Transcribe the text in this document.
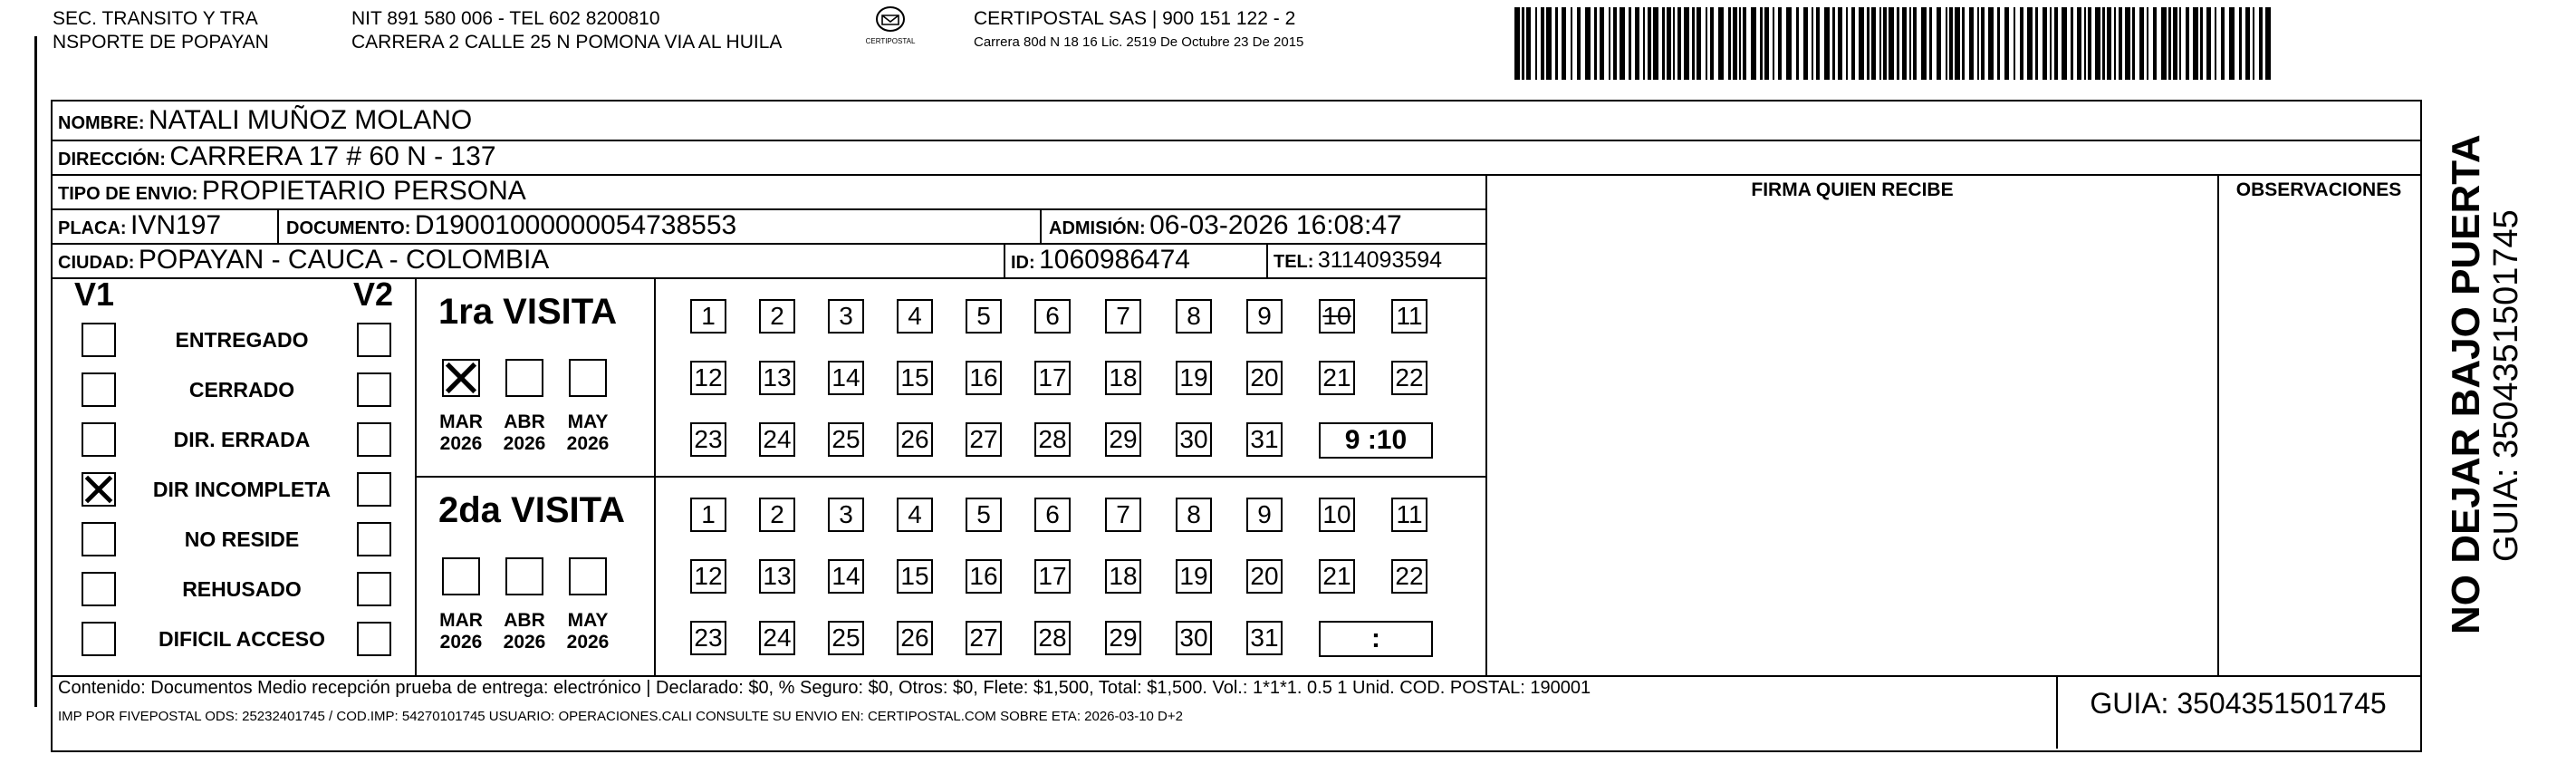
SEC. TRANSITO Y TRA
NSPORTE DE POPAYAN
NIT 891 580 006 - TEL 602 8200810
CARRERA 2 CALLE 25 N POMONA VIA AL HUILA	CERTIPOSTAL
CERTIPOSTAL SAS | 900 151 122 - 2
Carrera 80d N 18 16 Lic. 2519 De Octubre 23 De 2015
NOMBRE: NATALI MUÑOZ MOLANO
DIRECCIÓN: CARRERA 17 # 60 N - 137
TIPO DE ENVIO: PROPIETARIO PERSONA	FIRMA QUIEN RECIBE	OBSERVACIONES
PLACA: IVN197	DOCUMENTO: D19001000000054738553	ADMISIÓN: 06-03-2026 16:08:47
CIUDAD: POPAYAN - CAUCA - COLOMBIA	ID: 1060986474	TEL: 3114093594
V1	V2
ENTREGADO
CERRADO
DIR. ERRADA
DIR INCOMPLETA
NO RESIDE
REHUSADO
DIFICIL ACCESO
1ra VISITA
MAR
2026
ABR
2026
MAY
2026
1	2	3	4	5	6	7	8	9	10 11
12 13 14 15 16 17 18 19 20 21 22
23 24 25 26 27 28 29 30 31	9 :10
2da VISITA
MAR
2026
ABR
2026
MAY
2026
1	2	3	4	5	6	7	8	9	10 11
12 13 14 15 16 17 18 19 20 21 22
23 24 25 26 27 28 29 30 31	:
Contenido: Documentos Medio recepción prueba de entrega: electrónico | Declarado: $0, % Seguro: $0, Otros: $0, Flete: $1,500, Total: $1,500. Vol.: 1*1*1. 0.5 1 Unid. COD. POSTAL: 190001
IMP POR FIVEPOSTAL ODS: 25232401745 / COD.IMP: 54270101745 USUARIO: OPERACIONES.CALI CONSULTE SU ENVIO EN: CERTIPOSTAL.COM SOBRE ETA: 2026-03-10 D+2	GUIA: 3504351501745
NO DEJAR BAJO PUERTA GUIA: 3504351501745
